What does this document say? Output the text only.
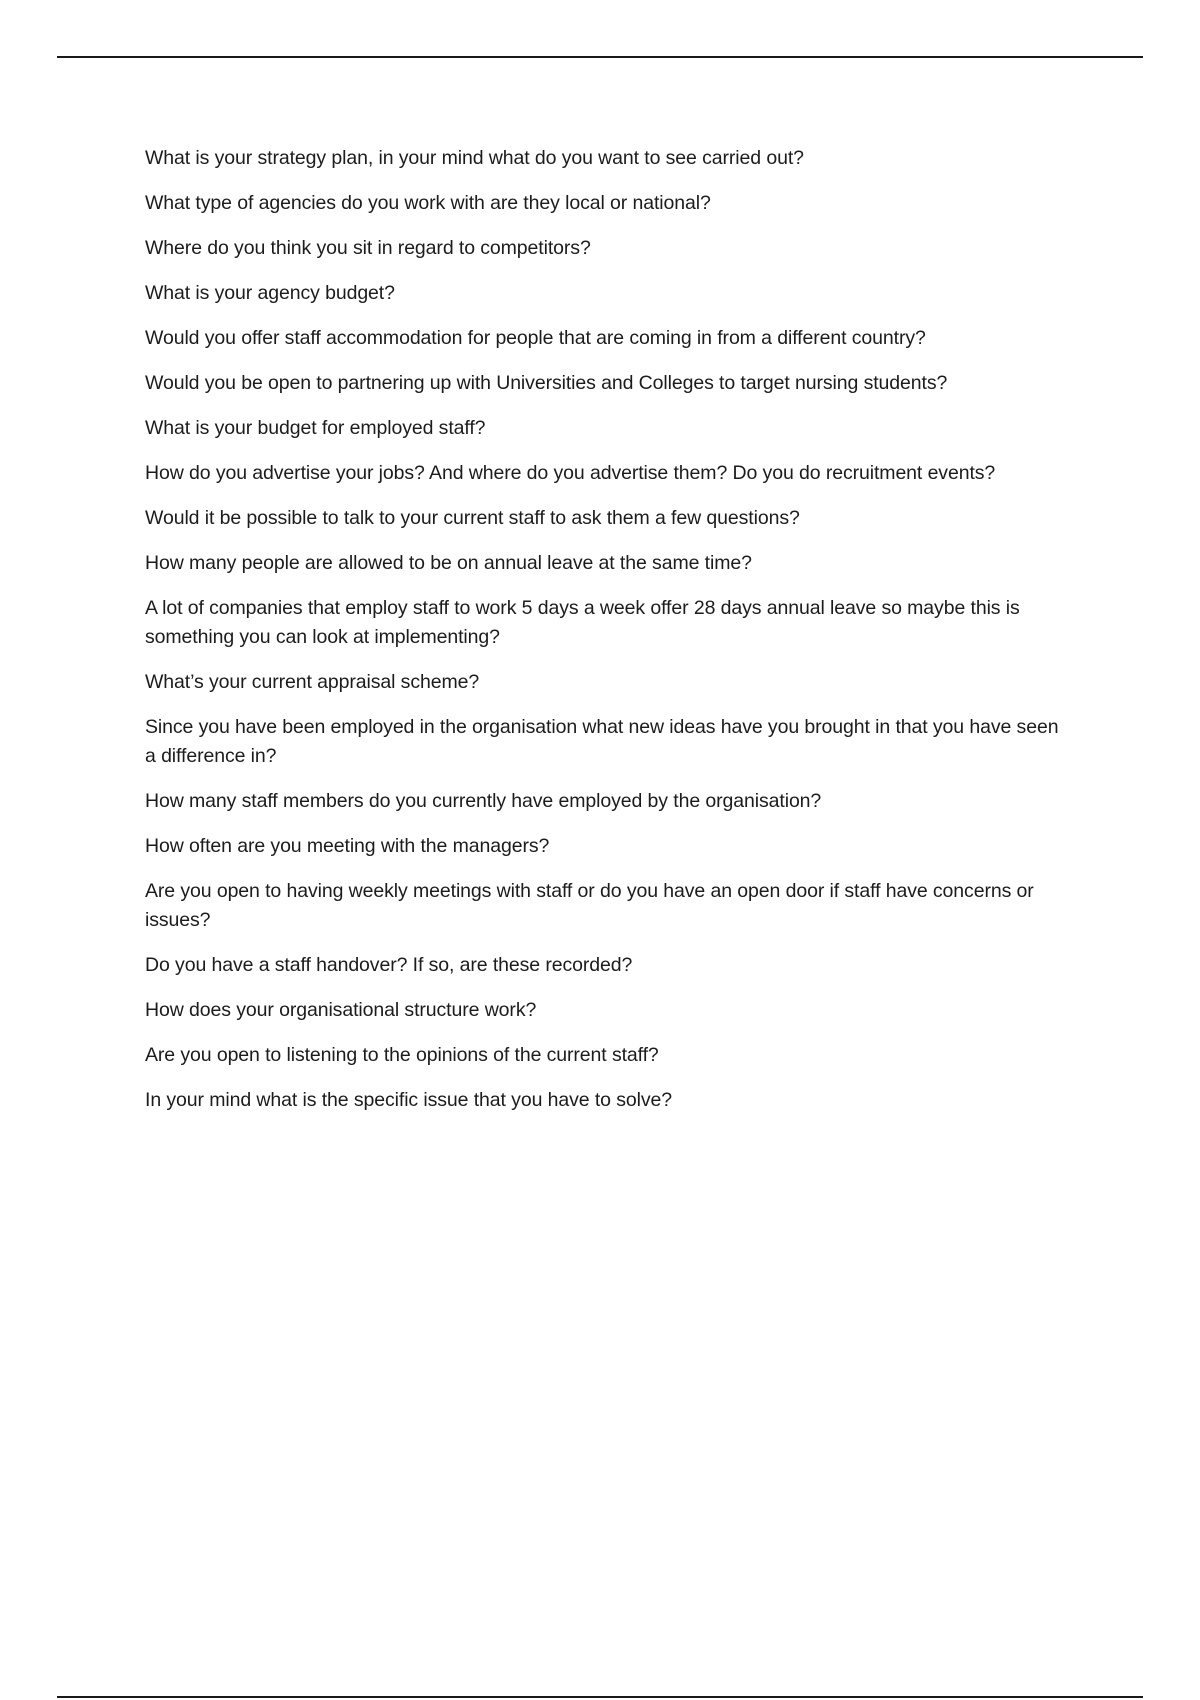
What is your strategy plan, in your mind what do you want to see carried out?
What type of agencies do you work with are they local or national?
Where do you think you sit in regard to competitors?
What is your agency budget?
Would you offer staff accommodation for people that are coming in from a different country?
Would you be open to partnering up with Universities and Colleges to target nursing students?
What is your budget for employed staff?
How do you advertise your jobs? And where do you advertise them? Do you do recruitment events?
Would it be possible to talk to your current staff to ask them a few questions?
How many people are allowed to be on annual leave at the same time?
A lot of companies that employ staff to work 5 days a week offer 28 days annual leave so maybe this is something you can look at implementing?
What’s your current appraisal scheme?
Since you have been employed in the organisation what new ideas have you brought in that you have seen a difference in?
How many staff members do you currently have employed by the organisation?
How often are you meeting with the managers?
Are you open to having weekly meetings with staff or do you have an open door if staff have concerns or issues?
Do you have a staff handover? If so, are these recorded?
How does your organisational structure work?
Are you open to listening to the opinions of the current staff?
In your mind what is the specific issue that you have to solve?
